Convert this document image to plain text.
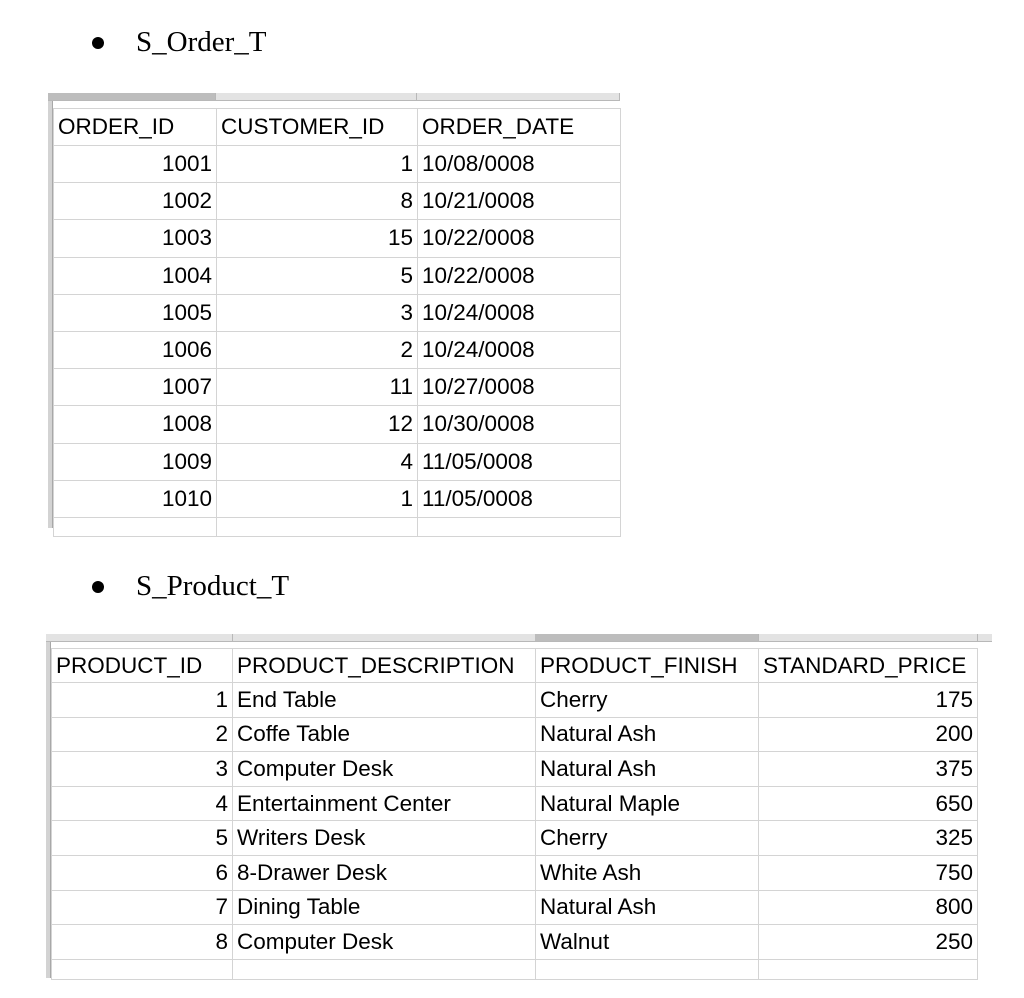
S_Order_T
ORDER_ID	CUSTOMER_ID	ORDER_DATE
1001	1	10/08/0008
1002	8	10/21/0008
1003	15	10/22/0008
1004	5	10/22/0008
1005	3	10/24/0008
1006	2	10/24/0008
1007	11	10/27/0008
1008	12	10/30/0008
1009	4	11/05/0008
1010	1	11/05/0008

S_Product_T
PRODUCT_ID	PRODUCT_DESCRIPTION	PRODUCT_FINISH	STANDARD_PRICE
1	End Table	Cherry	175
2	Coffe Table	Natural Ash	200
3	Computer Desk	Natural Ash	375
4	Entertainment Center	Natural Maple	650
5	Writers Desk	Cherry	325
6	8-Drawer Desk	White Ash	750
7	Dining Table	Natural Ash	800
8	Computer Desk	Walnut	250
